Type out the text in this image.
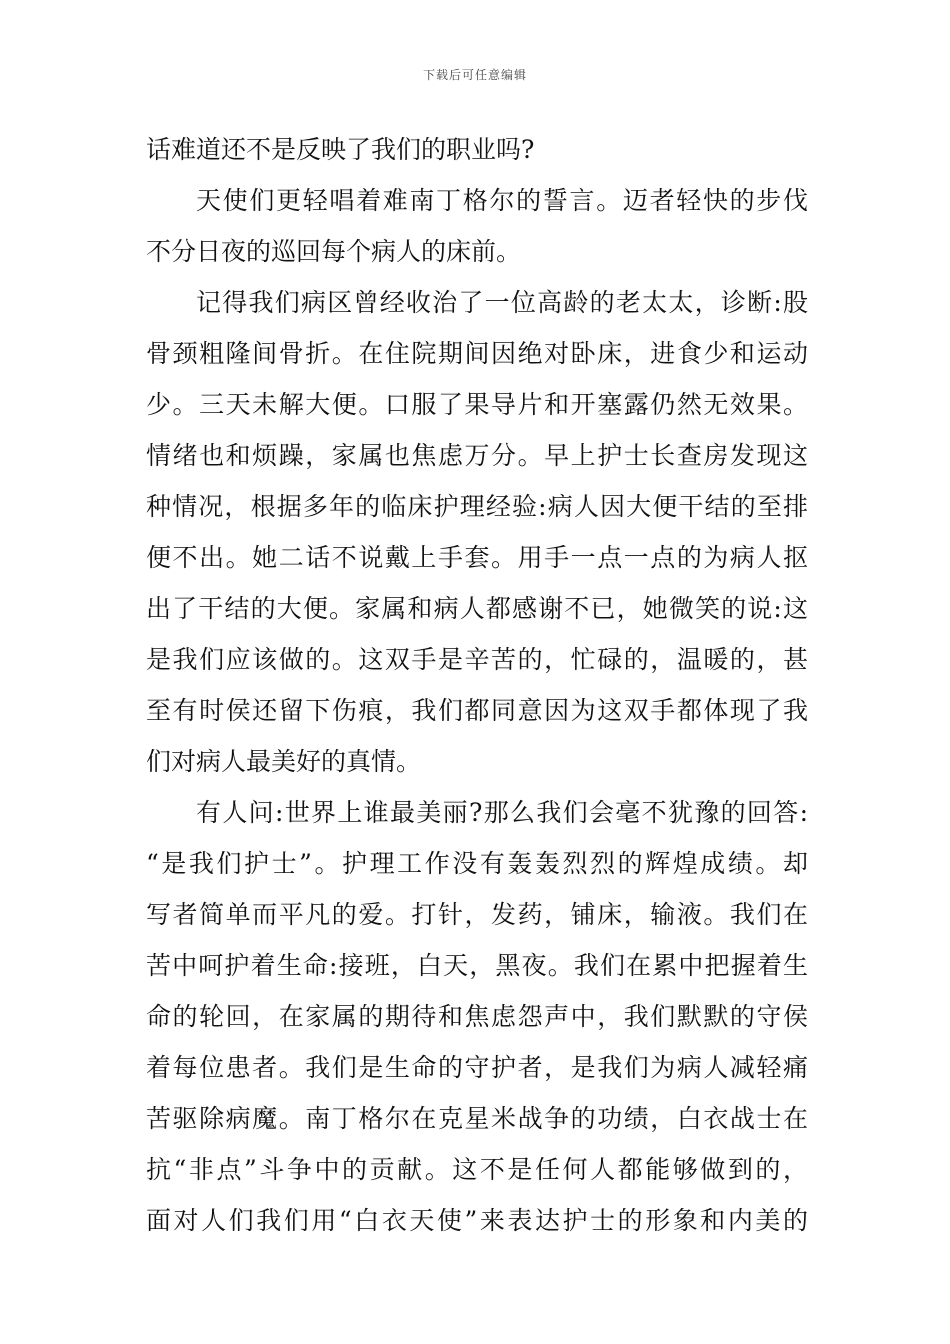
下载后可任意编辑
话难道还不是反映了我们的职业吗?
天使们更轻唱着难南丁格尔的誓言。迈者轻快的步伐
不分日夜的巡回每个病人的床前。
记得我们病区曾经收治了一位高龄的老太太，诊断:股
骨颈粗隆间骨折。在住院期间因绝对卧床，进食少和运动
少。三天未解大便。口服了果导片和开塞露仍然无效果。
情绪也和烦躁，家属也焦虑万分。早上护士长查房发现这
种情况，根据多年的临床护理经验:病人因大便干结的至排
便不出。她二话不说戴上手套。用手一点一点的为病人抠
出了干结的大便。家属和病人都感谢不已，她微笑的说:这
是我们应该做的。这双手是辛苦的，忙碌的，温暖的，甚
至有时侯还留下伤痕，我们都同意因为这双手都体现了我
们对病人最美好的真情。
有人问:世界上谁最美丽?那么我们会毫不犹豫的回答:
“是我们护士”。护理工作没有轰轰烈烈的辉煌成绩。却
写者简单而平凡的爱。打针，发药，铺床，输液。我们在
苦中呵护着生命:接班，白天，黑夜。我们在累中把握着生
命的轮回，在家属的期待和焦虑怨声中，我们默默的守侯
着每位患者。我们是生命的守护者，是我们为病人减轻痛
苦驱除病魔。南丁格尔在克星米战争的功绩，白衣战士在
抗“非点”斗争中的贡献。这不是任何人都能够做到的，
面对人们我们用“白衣天使”来表达护士的形象和内美的
